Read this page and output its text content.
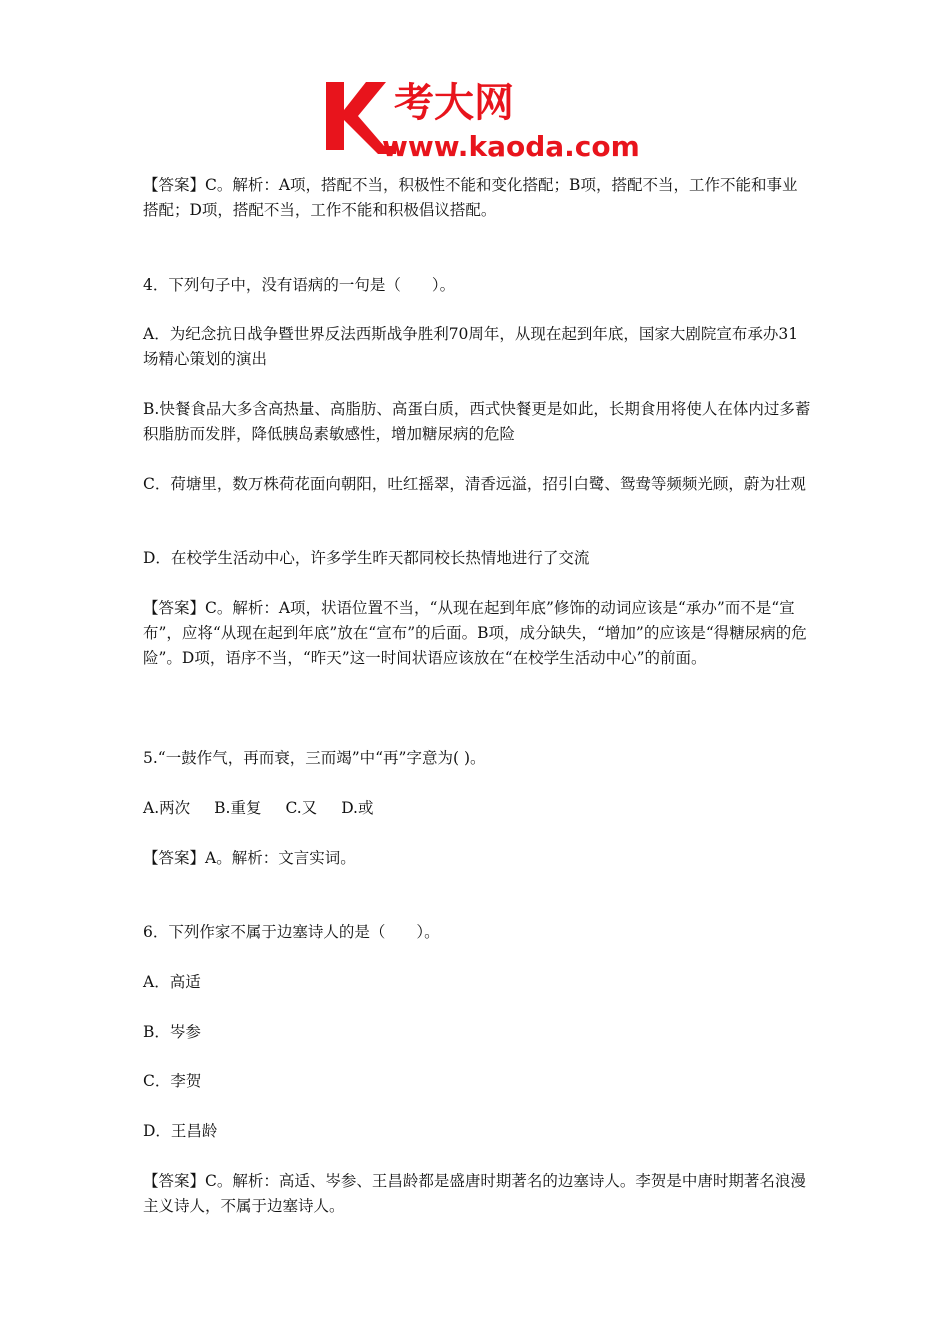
考大网
www.kaoda.com

【答案】C。解析：A项，搭配不当，积极性不能和变化搭配；B项，搭配不当，工作不能和事业搭配；D项，搭配不当，工作不能和积极倡议搭配。

4．下列句子中，没有语病的一句是（　　）。

A．为纪念抗日战争暨世界反法西斯战争胜利70周年，从现在起到年底，国家大剧院宣布承办31场精心策划的演出

B.快餐食品大多含高热量、高脂肪、高蛋白质，西式快餐更是如此，长期食用将使人在体内过多蓄积脂肪而发胖，降低胰岛素敏感性，增加糖尿病的危险

C．荷塘里，数万株荷花面向朝阳，吐红摇翠，清香远溢，招引白鹭、鸳鸯等频频光顾，蔚为壮观

D．在校学生活动中心，许多学生昨天都同校长热情地进行了交流

【答案】C。解析：A项，状语位置不当，“从现在起到年底”修饰的动词应该是“承办”而不是“宣布”，应将“从现在起到年底”放在“宣布”的后面。B项，成分缺失，“增加”的应该是“得糖尿病的危险”。D项，语序不当，“昨天”这一时间状语应该放在“在校学生活动中心”的前面。

5.“一鼓作气，再而衰，三而竭”中“再”字意为( )。

A.两次 B.重复 C.又 D.或

【答案】A。解析：文言实词。

6．下列作家不属于边塞诗人的是（　　）。

A．高适

B．岑参

C．李贺

D．王昌龄

【答案】C。解析：高适、岑参、王昌龄都是盛唐时期著名的边塞诗人。李贺是中唐时期著名浪漫主义诗人，不属于边塞诗人。
